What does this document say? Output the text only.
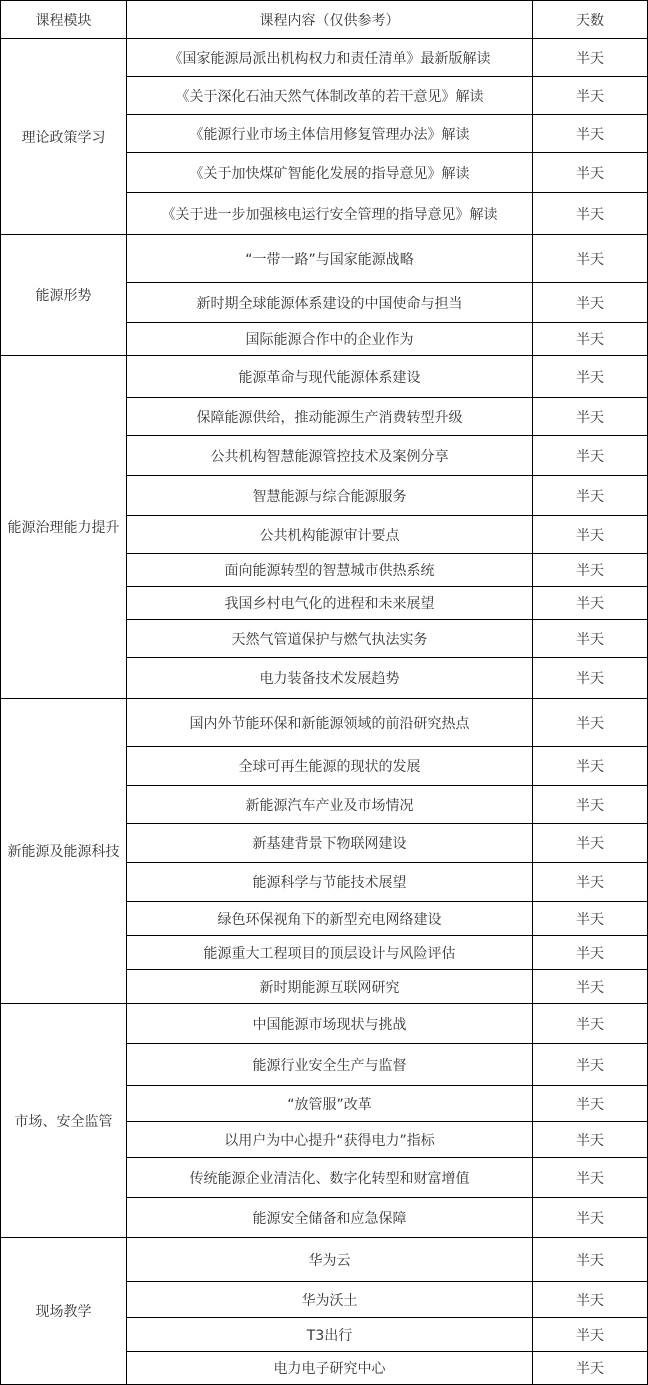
课程模块	课程内容（仅供参考）	天数
理论政策学习	《国家能源局派出机构权力和责任清单》最新版解读	半天
	《关于深化石油天然气体制改革的若干意见》解读	半天
	《能源行业市场主体信用修复管理办法》解读	半天
	《关于加快煤矿智能化发展的指导意见》解读	半天
	《关于进一步加强核电运行安全管理的指导意见》解读	半天
能源形势	“一带一路”与国家能源战略	半天
	新时期全球能源体系建设的中国使命与担当	半天
	国际能源合作中的企业作为	半天
能源治理能力提升	能源革命与现代能源体系建设	半天
	保障能源供给，推动能源生产消费转型升级	半天
	公共机构智慧能源管控技术及案例分享	半天
	智慧能源与综合能源服务	半天
	公共机构能源审计要点	半天
	面向能源转型的智慧城市供热系统	半天
	我国乡村电气化的进程和未来展望	半天
	天然气管道保护与燃气执法实务	半天
	电力装备技术发展趋势	半天
新能源及能源科技	国内外节能环保和新能源领域的前沿研究热点	半天
	全球可再生能源的现状的发展	半天
	新能源汽车产业及市场情况	半天
	新基建背景下物联网建设	半天
	能源科学与节能技术展望	半天
	绿色环保视角下的新型充电网络建设	半天
	能源重大工程项目的顶层设计与风险评估	半天
	新时期能源互联网研究	半天
市场、安全监管	中国能源市场现状与挑战	半天
	能源行业安全生产与监督	半天
	“放管服”改革	半天
	以用户为中心提升“获得电力”指标	半天
	传统能源企业清洁化、数字化转型和财富增值	半天
	能源安全储备和应急保障	半天
现场教学	华为云	半天
	华为沃土	半天
	T3出行	半天
	电力电子研究中心	半天
